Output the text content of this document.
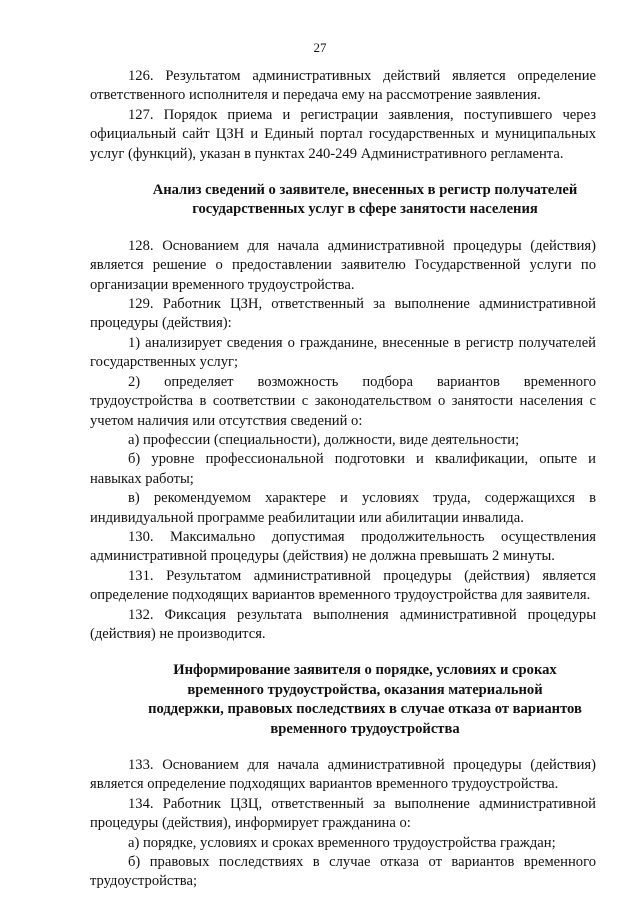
27

126. Результатом административных действий является определение ответственного исполнителя и передача ему на рассмотрение заявления.

127. Порядок приема и регистрации заявления, поступившего через официальный сайт ЦЗН и Единый портал государственных и муниципальных услуг (функций), указан в пунктах 240-249 Административного регламента.

Анализ сведений о заявителе, внесенных в регистр получателей государственных услуг в сфере занятости населения

128. Основанием для начала административной процедуры (действия) является решение о предоставлении заявителю Государственной услуги по организации временного трудоустройства.

129. Работник ЦЗН, ответственный за выполнение административной процедуры (действия):

1) анализирует сведения о гражданине, внесенные в регистр получателей государственных услуг;

2) определяет возможность подбора вариантов временного трудоустройства в соответствии с законодательством о занятости населения с учетом наличия или отсутствия сведений о:

а) профессии (специальности), должности, виде деятельности;

б) уровне профессиональной подготовки и квалификации, опыте и навыках работы;

в) рекомендуемом характере и условиях труда, содержащихся в индивидуальной программе реабилитации или абилитации инвалида.

130. Максимально допустимая продолжительность осуществления административной процедуры (действия) не должна превышать 2 минуты.

131. Результатом административной процедуры (действия) является определение подходящих вариантов временного трудоустройства для заявителя.

132. Фиксация результата выполнения административной процедуры (действия) не производится.

Информирование заявителя о порядке, условиях и сроках временного трудоустройства, оказания материальной поддержки, правовых последствиях в случае отказа от вариантов временного трудоустройства

133. Основанием для начала административной процедуры (действия) является определение подходящих вариантов временного трудоустройства.

134. Работник ЦЗЦ, ответственный за выполнение административной процедуры (действия), информирует гражданина о:

а) порядке, условиях и сроках временного трудоустройства граждан;

б) правовых последствиях в случае отказа от вариантов временного трудоустройства;
